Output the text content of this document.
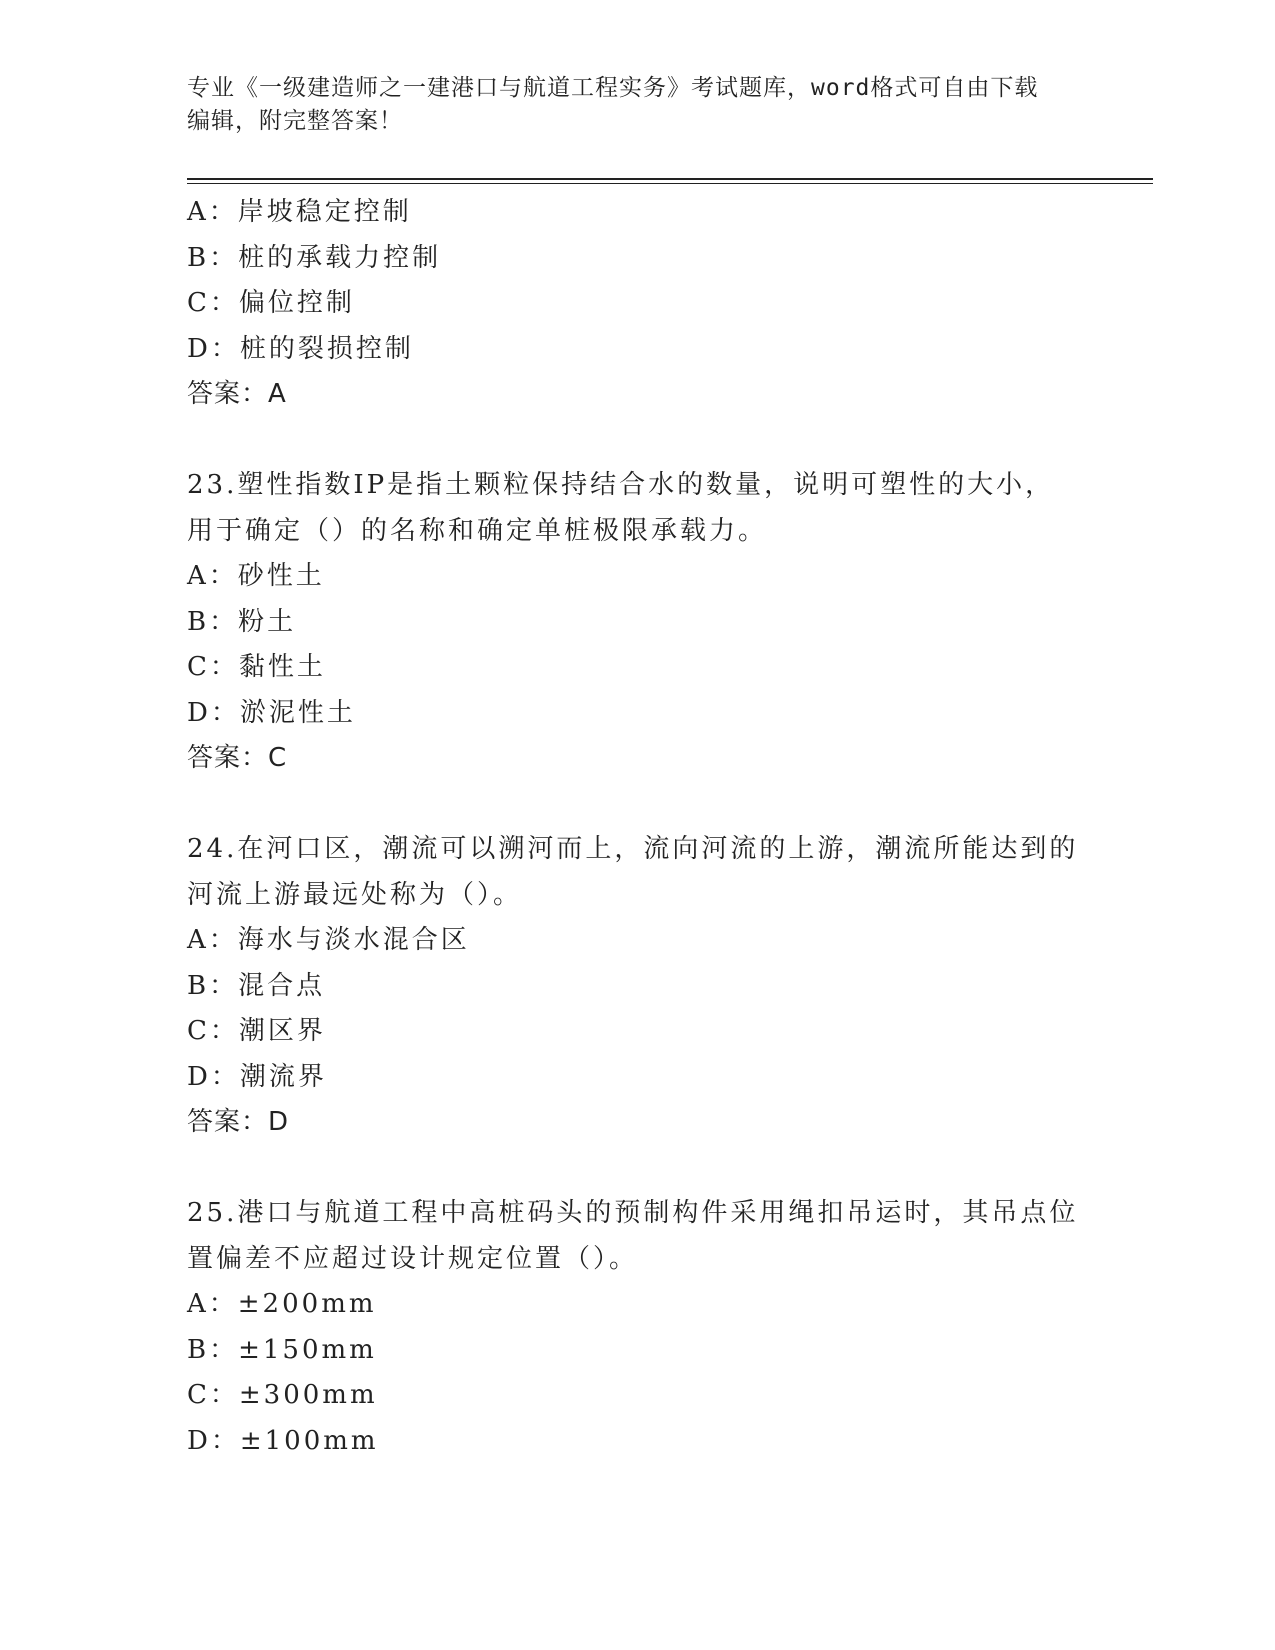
专业《一级建造师之一建港口与航道工程实务》考试题库，word格式可自由下载
编辑，附完整答案！
A：岸坡稳定控制
B：桩的承载力控制
C：偏位控制
D：桩的裂损控制
答案：A
23.塑性指数IP是指土颗粒保持结合水的数量，说明可塑性的大小，
用于确定（）的名称和确定单桩极限承载力。
A：砂性土
B：粉土
C：黏性土
D：淤泥性土
答案：C
24.在河口区，潮流可以溯河而上，流向河流的上游，潮流所能达到的
河流上游最远处称为（）。
A：海水与淡水混合区
B：混合点
C：潮区界
D：潮流界
答案：D
25.港口与航道工程中高桩码头的预制构件采用绳扣吊运时，其吊点位
置偏差不应超过设计规定位置（）。
A：±200mm
B：±150mm
C：±300mm
D：±100mm
